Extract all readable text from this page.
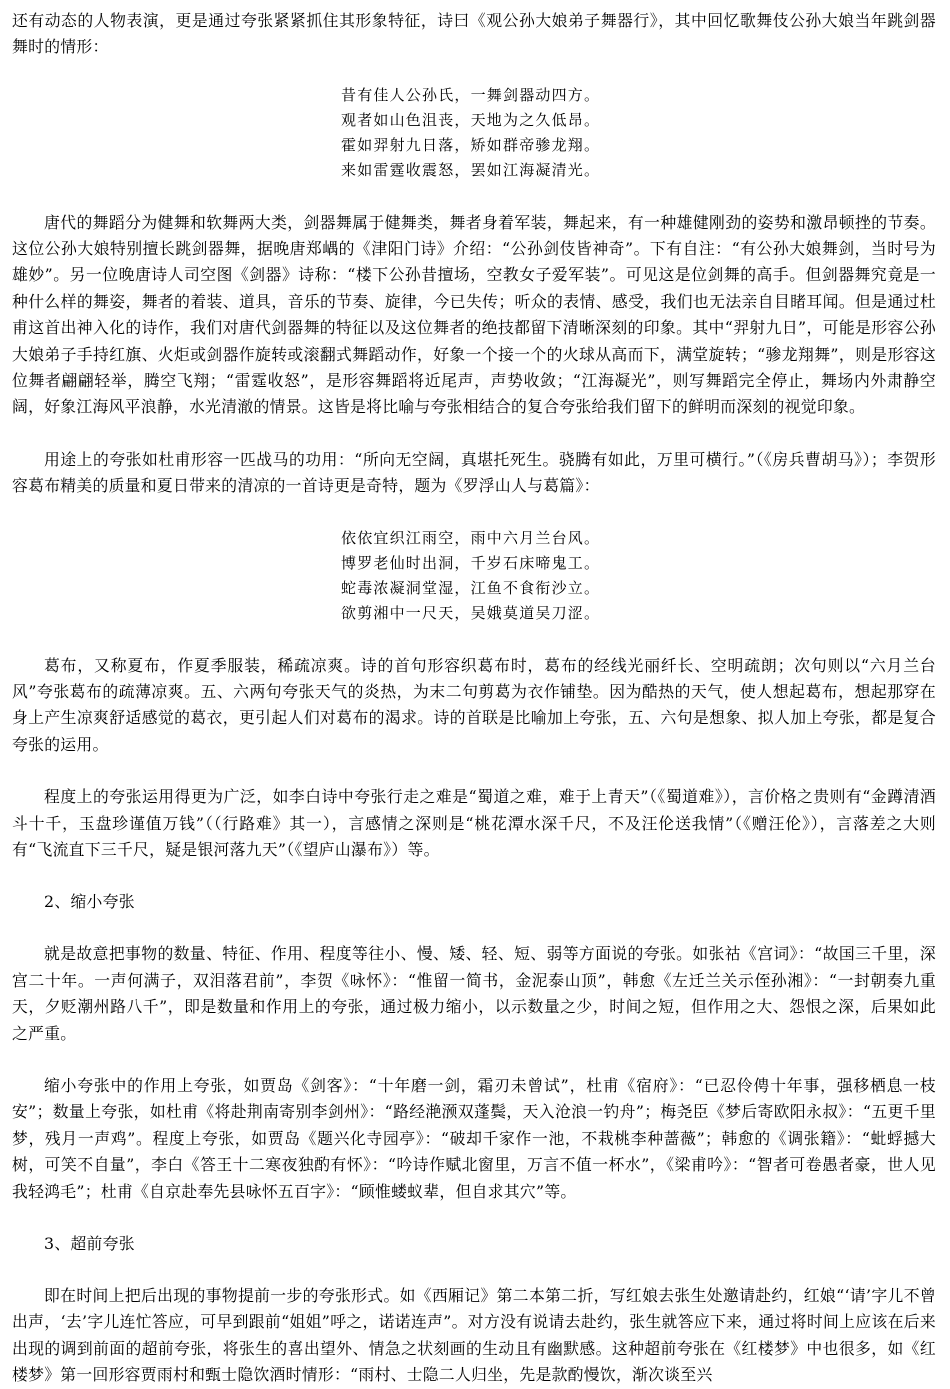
还有动态的人物表演，更是通过夸张紧紧抓住其形象特征，诗曰《观公孙大娘弟子舞器行》，其中回忆歌舞伎公孙大娘当年跳剑器舞时的情形：

昔有佳人公孙氏，一舞剑器动四方。
观者如山色沮丧，天地为之久低昂。
霍如羿射九日落，矫如群帝骖龙翔。
来如雷霆收震怒，罢如江海凝清光。

唐代的舞蹈分为健舞和软舞两大类，剑器舞属于健舞类，舞者身着军装，舞起来，有一种雄健刚劲的姿势和激昂顿挫的节奏。这位公孙大娘特别擅长跳剑器舞，据晚唐郑嵎的《津阳门诗》介绍：“公孙剑伎皆神奇”。下有自注：“有公孙大娘舞剑，当时号为雄妙”。另一位晚唐诗人司空图《剑器》诗称：“楼下公孙昔擅场，空教女子爱军装”。可见这是位剑舞的高手。但剑器舞究竟是一种什么样的舞姿，舞者的着装、道具，音乐的节奏、旋律，今已失传；听众的表情、感受，我们也无法亲自目睹耳闻。但是通过杜甫这首出神入化的诗作，我们对唐代剑器舞的特征以及这位舞者的绝技都留下清晰深刻的印象。其中“羿射九日”，可能是形容公孙大娘弟子手持红旗、火炬或剑器作旋转或滚翻式舞蹈动作，好象一个接一个的火球从高而下，满堂旋转；“骖龙翔舞”，则是形容这位舞者翩翩轻举，腾空飞翔；“雷霆收怒”，是形容舞蹈将近尾声，声势收敛；“江海凝光”，则写舞蹈完全停止，舞场内外肃静空阔，好象江海风平浪静，水光清澈的情景。这皆是将比喻与夸张相结合的复合夸张给我们留下的鲜明而深刻的视觉印象。

用途上的夸张如杜甫形容一匹战马的功用：“所向无空阔，真堪托死生。骁腾有如此，万里可横行。”（《房兵曹胡马》）；李贺形容葛布精美的质量和夏日带来的清凉的一首诗更是奇特，题为《罗浮山人与葛篇》：

依依宜织江雨空，雨中六月兰台风。
博罗老仙时出洞，千岁石床啼鬼工。
蛇毒浓凝洞堂湿，江鱼不食衔沙立。
欲剪湘中一尺天，吴娥莫道吴刀涩。

葛布，又称夏布，作夏季服装，稀疏凉爽。诗的首句形容织葛布时，葛布的经线光丽纤长、空明疏朗；次句则以“六月兰台风”夸张葛布的疏薄凉爽。五、六两句夸张天气的炎热，为末二句剪葛为衣作铺垫。因为酷热的天气，使人想起葛布，想起那穿在身上产生凉爽舒适感觉的葛衣，更引起人们对葛布的渴求。诗的首联是比喻加上夸张，五、六句是想象、拟人加上夸张，都是复合夸张的运用。

程度上的夸张运用得更为广泛，如李白诗中夸张行走之难是“蜀道之难，难于上青天”（《蜀道难》），言价格之贵则有“金蹲清酒斗十千，玉盘珍谨值万钱”（（行路难》其一），言感情之深则是“桃花潭水深千尺，不及汪伦送我情”（《赠汪伦》），言落差之大则有“飞流直下三千尺，疑是银河落九天”（《望庐山瀑布》）等。

2、缩小夸张

就是故意把事物的数量、特征、作用、程度等往小、慢、矮、轻、短、弱等方面说的夸张。如张祜《宫词》：“故国三千里，深宫二十年。一声何满子，双泪落君前”，李贺《咏怀》：“惟留一简书，金泥泰山顶”，韩愈《左迁兰关示侄孙湘》：“一封朝奏九重天，夕贬潮州路八千”，即是数量和作用上的夸张，通过极力缩小，以示数量之少，时间之短，但作用之大、怨恨之深，后果如此之严重。

缩小夸张中的作用上夸张，如贾岛《剑客》：“十年磨一剑，霜刃未曾试”，杜甫《宿府》：“已忍伶俜十年事，强移栖息一枝安”；数量上夸张，如杜甫《将赴荆南寄别李剑州》：“路经滟滪双蓬鬓，天入沧浪一钓舟”；梅尧臣《梦后寄欧阳永叔》：“五更千里梦，残月一声鸡”。程度上夸张，如贾岛《题兴化寺园亭》：“破却千家作一池，不栽桃李种蔷薇”；韩愈的《调张籍》：“蚍蜉撼大树，可笑不自量”，李白《答王十二寒夜独酌有怀》：“吟诗作赋北窗里，万言不值一杯水”，《梁甫吟》：“智者可卷愚者豪，世人见我轻鸿毛”；杜甫《自京赴奉先县咏怀五百字》：“顾惟蝼蚁辈，但自求其穴”等。

3、超前夸张

即在时间上把后出现的事物提前一步的夸张形式。如《西厢记》第二本第二折，写红娘去张生处邀请赴约，红娘“‘请’字儿不曾出声，‘去’字儿连忙答应，可早到跟前“姐姐”呼之，诺诺连声”。对方没有说请去赴约，张生就答应下来，通过将时间上应该在后来出现的调到前面的超前夸张，将张生的喜出望外、情急之状刻画的生动且有幽默感。这种超前夸张在《红楼梦》中也很多，如《红楼梦》第一回形容贾雨村和甄士隐饮酒时情形：“雨村、士隐二人归坐，先是款酌慢饮，渐次谈至兴
